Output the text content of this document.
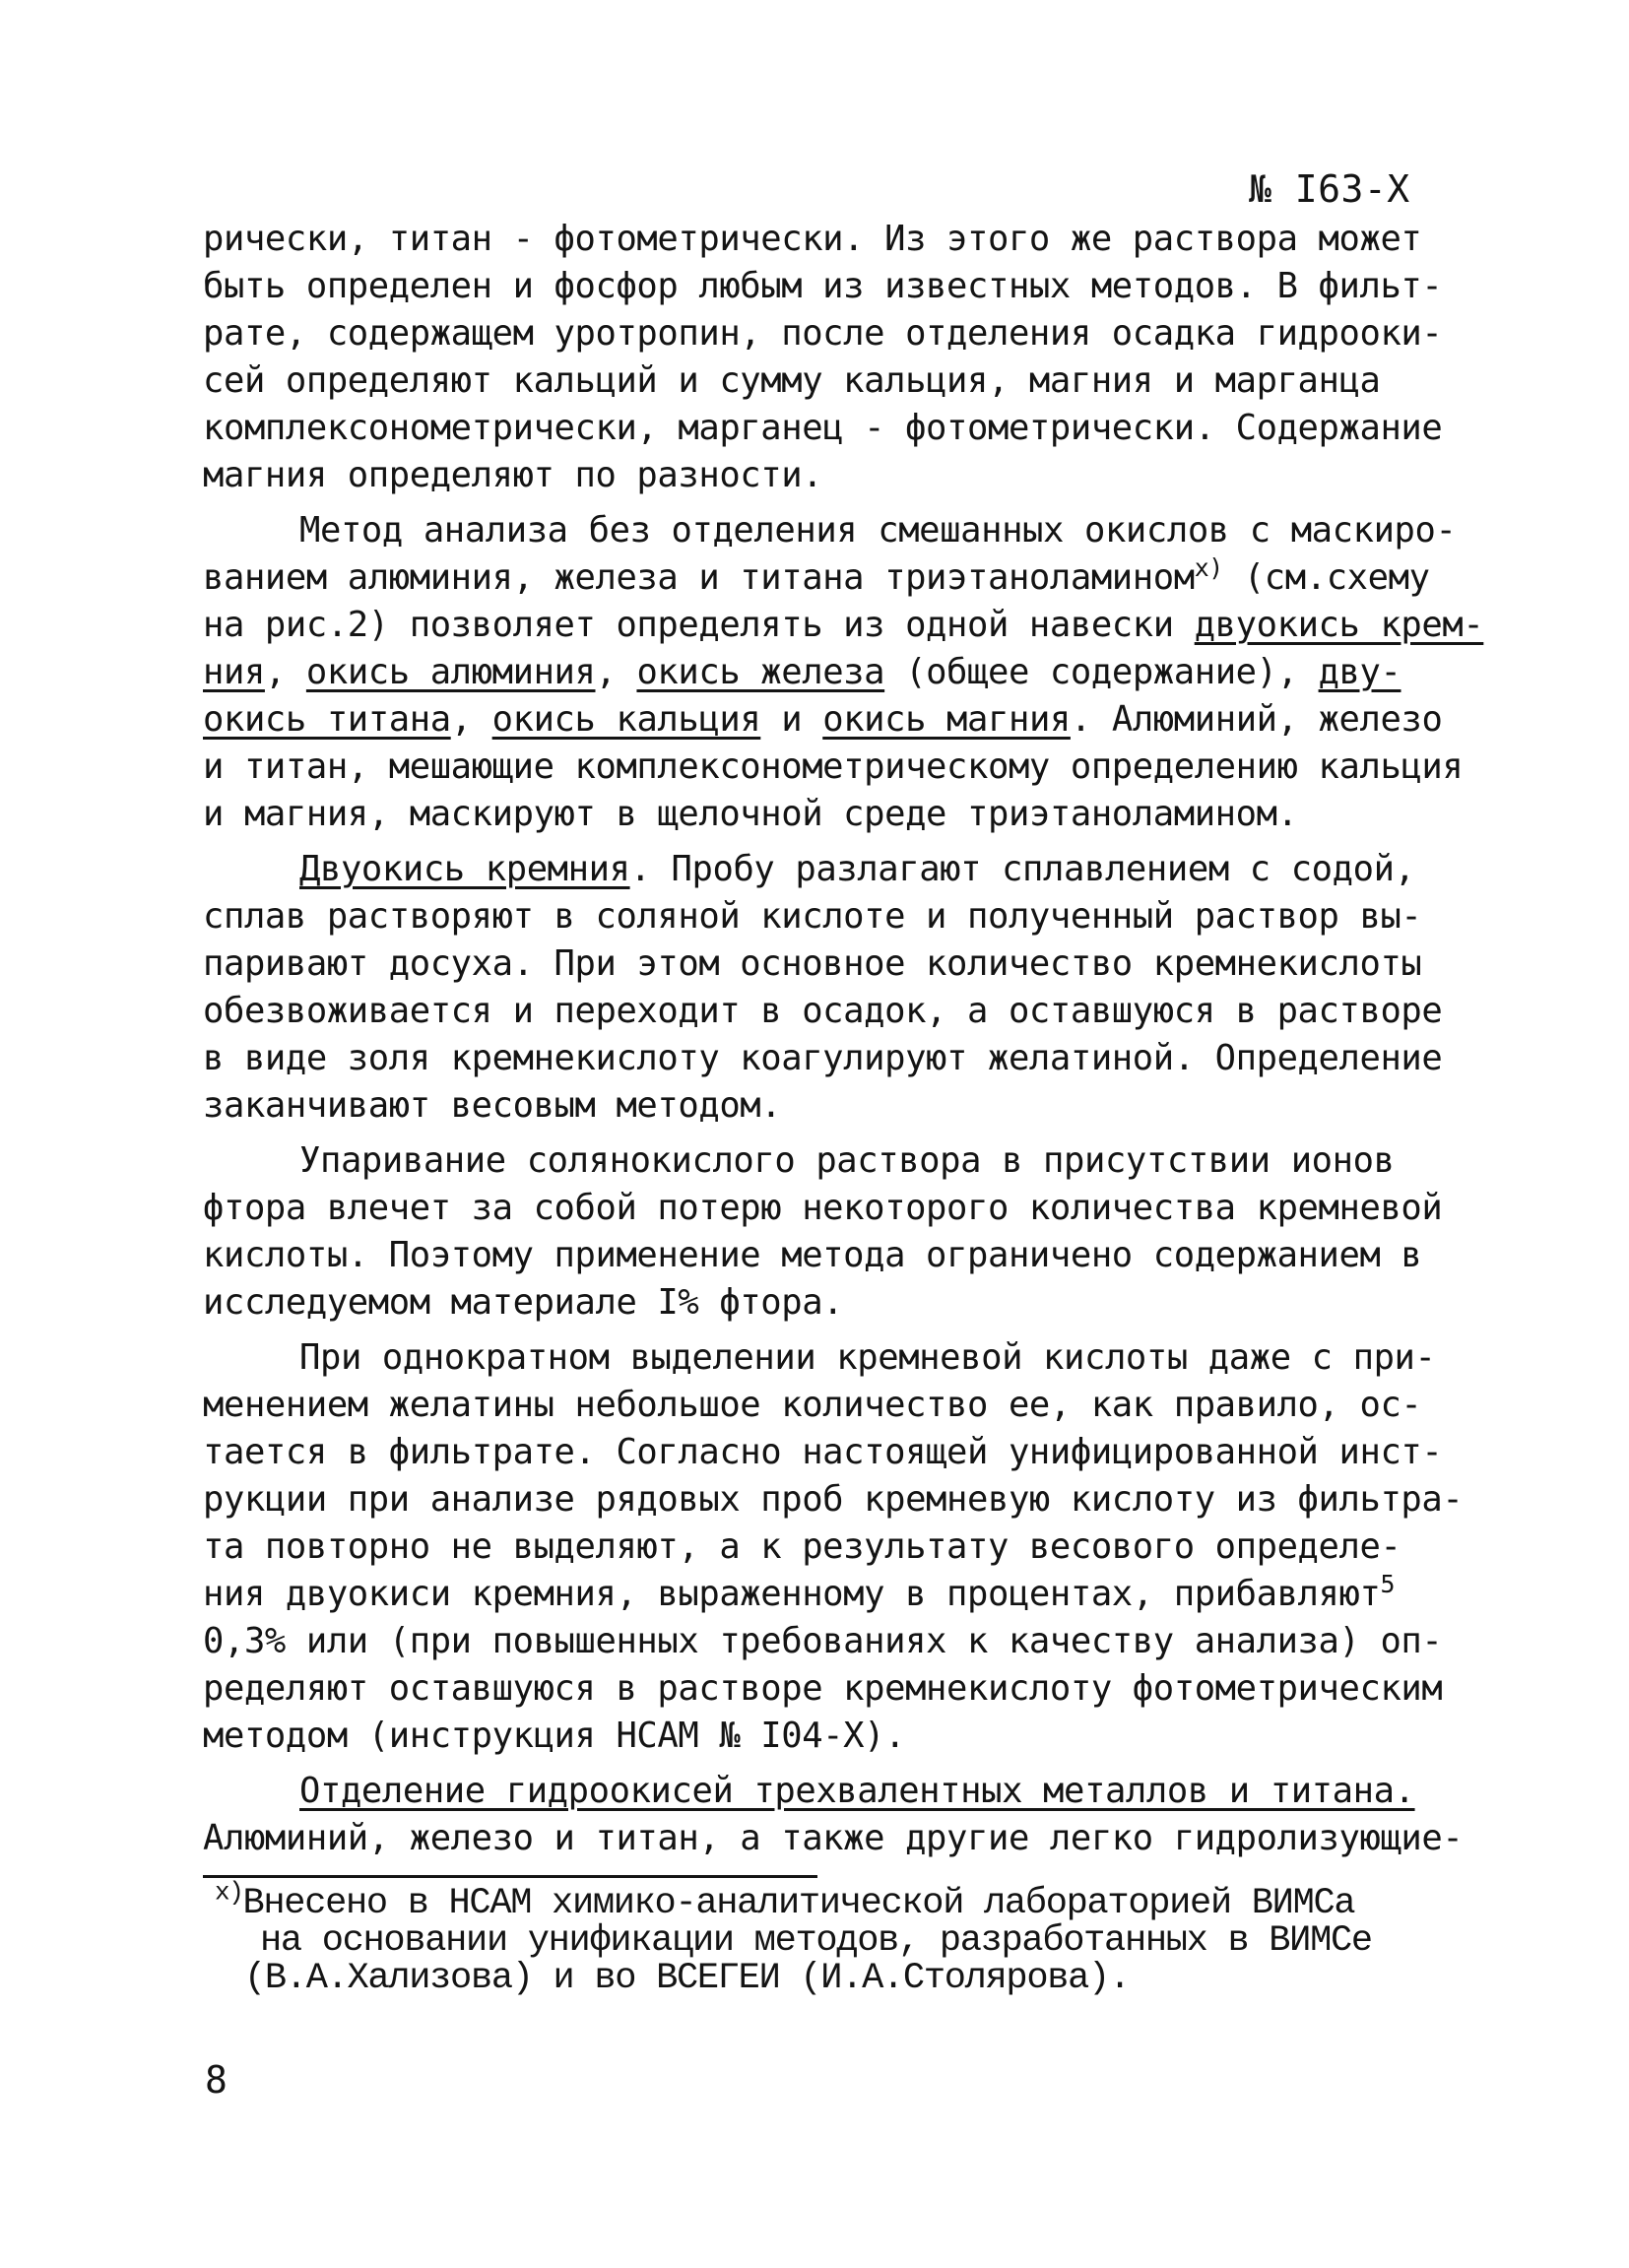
№ I63-Х
рически, титан - фотометрически. Из этого же раствора может
быть определен и фосфор любым из известных методов. В фильт-
рате, содержащем уротропин, после отделения осадка гидрооки-
сей определяют кальций и сумму кальция, магния и марганца
комплексонометрически, марганец - фотометрически. Содержание
магния определяют по разности.
Метод анализа без отделения смешанных окислов с маскиро-
ванием алюминия, железа и титана триэтаноламином$^{х)}$ (см.схему
на рис.2) позволяет определять из одной навески двуокись крем-
ния, окись алюминия, окись железа (общее содержание), дву-
окись титана, окись кальция и окись магния. Алюминий, железо
и титан, мешающие комплексонометрическому определению кальция
и магния, маскируют в щелочной среде триэтаноламином.
Двуокись кремния. Пробу разлагают сплавлением с содой,
сплав растворяют в соляной кислоте и полученный раствор вы-
паривают досуха. При этом основное количество кремнекислоты
обезвоживается и переходит в осадок, а оставшуюся в растворе
в виде золя кремнекислоту коагулируют желатиной. Определение
заканчивают весовым методом.
Упаривание солянокислого раствора в присутствии ионов
фтора влечет за собой потерю некоторого количества кремневой
кислоты. Поэтому применение метода ограничено содержанием в
исследуемом материале I% фтора.
При однократном выделении кремневой кислоты даже с при-
менением желатины небольшое количество ее, как правило, ос-
тается в фильтрате. Согласно настоящей унифицированной инст-
рукции при анализе рядовых проб кремневую кислоту из фильтра-
та повторно не выделяют, а к результату весового определе-
ния двуокиси кремния, выраженному в процентах, прибавляют$^5$
0,3% или (при повышенных требованиях к качеству анализа) оп-
ределяют оставшуюся в растворе кремнекислоту фотометрическим
методом (инструкция НСАМ № I04-Х).
Отделение гидроокисей трехвалентных металлов и титана.
Алюминий, железо и титан, а также другие легко гидролизующие-
$^{х)}$Внесено в НСАМ химико-аналитической лабораторией ВИМСа
на основании унификации методов, разработанных в ВИМСе
(В.А.Хализова) и во ВСЕГЕИ (И.А.Столярова).
8
